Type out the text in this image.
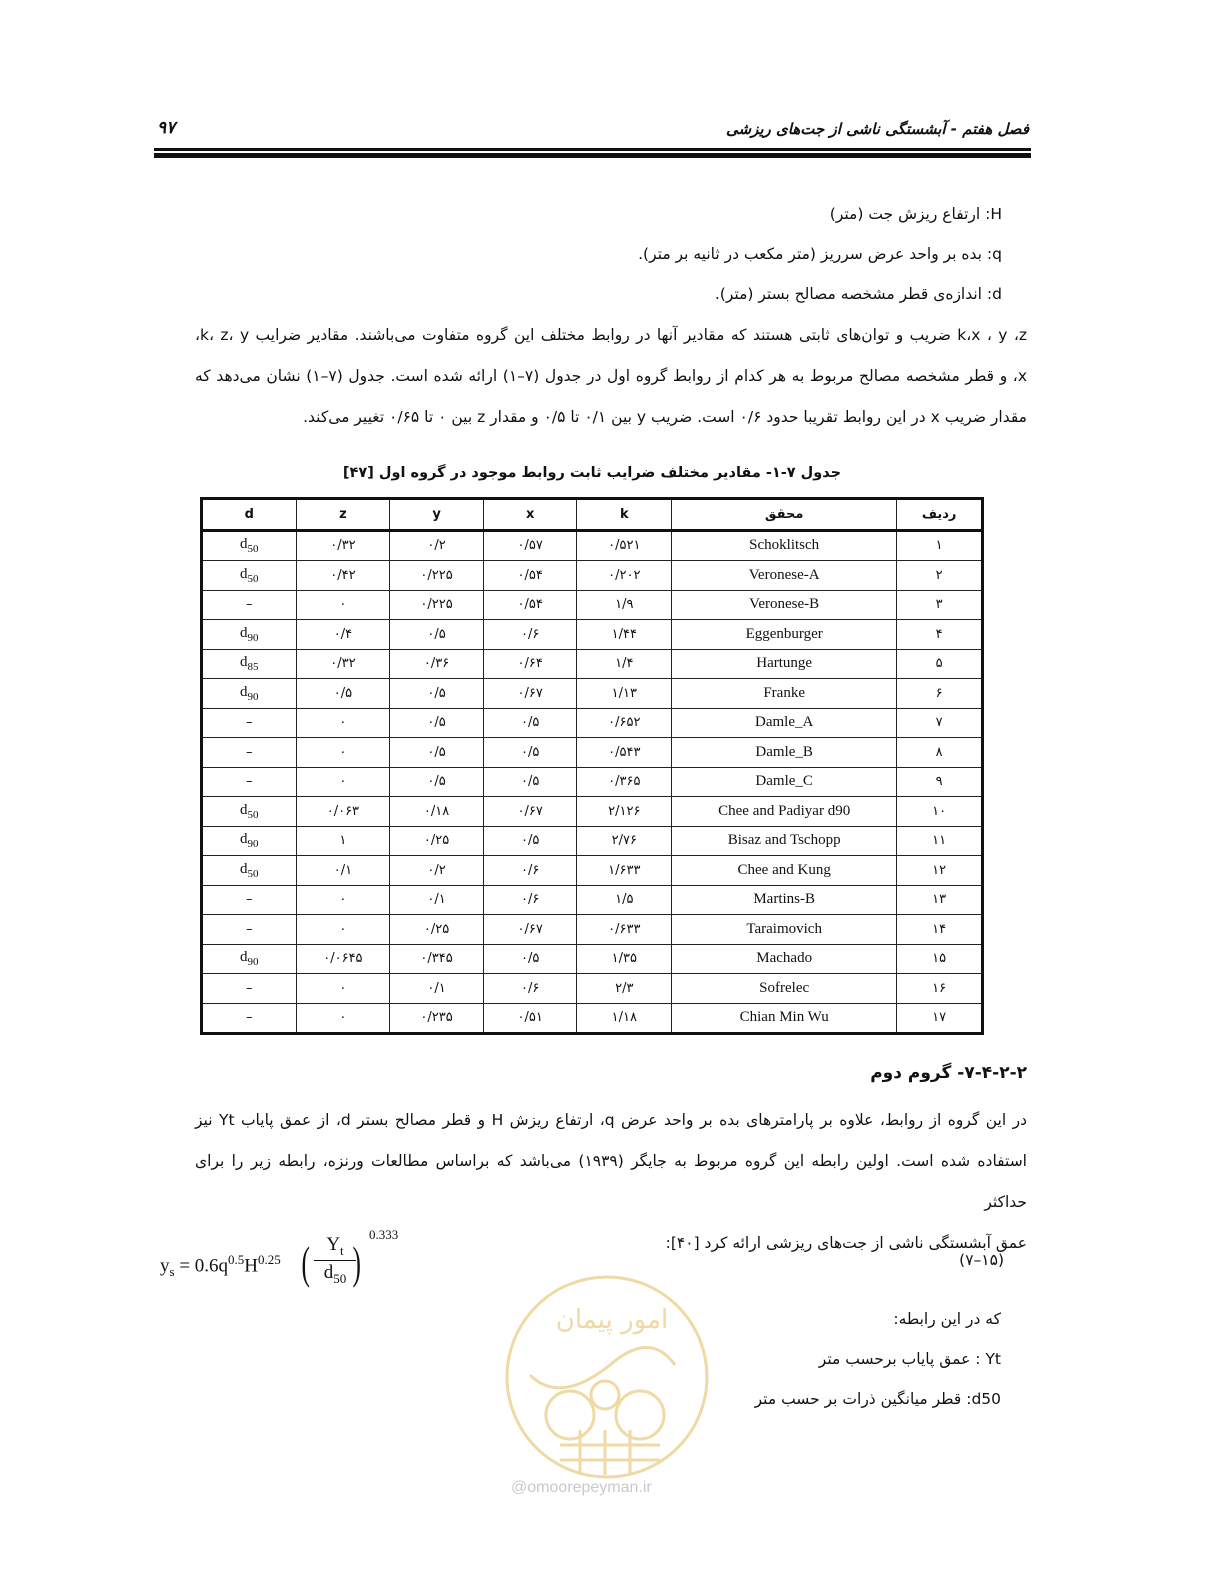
فصل هفتم - آبشستگی ناشی از جت‌های ریزشی
۹۷
H: ارتفاع ریزش جت (متر)
q: بده بر واحد عرض سرریز (متر مکعب در ثانیه بر متر).
d: اندازه‌ی قطر مشخصه مصالح بستر (متر).
k،x ، y ،z ضریب و توان‌های ثابتی هستند که مقادیر آنها در روابط مختلف این گروه متفاوت می‌باشند. مقادیر ضرایب k، z، y،
x، و قطر مشخصه مصالح مربوط به هر کدام از روابط گروه اول در جدول (۷–۱) ارائه شده است. جدول (۷–۱) نشان می‌دهد که
مقدار ضریب x در این روابط تقریبا حدود ۰/۶ است. ضریب y بین ۰/۱ تا ۰/۵ و مقدار z بین ۰ تا ۰/۶۵ تغییر می‌کند.
جدول ۷-۱- مقادیر مختلف ضرایب ثابت روابط موجود در گروه اول [۴۷]
d	z	y	x	k	محقق	ردیف
$d_{50}$	۰/۳۲	۰/۲	۰/۵۷	۰/۵۲۱	Schoklitsch	۱
$d_{50}$	۰/۴۲	۰/۲۲۵	۰/۵۴	۰/۲۰۲	Veronese-A	۲
–	۰	۰/۲۲۵	۰/۵۴	۱/۹	Veronese-B	۳
$d_{90}$	۰/۴	۰/۵	۰/۶	۱/۴۴	Eggenburger	۴
$d_{85}$	۰/۳۲	۰/۳۶	۰/۶۴	۱/۴	Hartunge	۵
$d_{90}$	۰/۵	۰/۵	۰/۶۷	۱/۱۳	Franke	۶
–	۰	۰/۵	۰/۵	۰/۶۵۲	Damle_A	۷
–	۰	۰/۵	۰/۵	۰/۵۴۳	Damle_B	۸
–	۰	۰/۵	۰/۵	۰/۳۶۵	Damle_C	۹
$d_{50}$	۰/۰۶۳	۰/۱۸	۰/۶۷	۲/۱۲۶	Chee and Padiyar d90	۱۰
$d_{90}$	۱	۰/۲۵	۰/۵	۲/۷۶	Bisaz and Tschopp	۱۱
$d_{50}$	۰/۱	۰/۲	۰/۶	۱/۶۳۳	Chee and Kung	۱۲
–	۰	۰/۱	۰/۶	۱/۵	Martins-B	۱۳
–	۰	۰/۲۵	۰/۶۷	۰/۶۳۳	Taraimovich	۱۴
$d_{90}$	۰/۰۶۴۵	۰/۳۴۵	۰/۵	۱/۳۵	Machado	۱۵
–	۰	۰/۱	۰/۶	۲/۳	Sofrelec	۱۶
–	۰	۰/۲۳۵	۰/۵۱	۱/۱۸	Chian Min Wu	۱۷
۷-۴-۲-۲- گروم دوم
در این گروه از روابط، علاوه بر پارامترهای بده بر واحد عرض q، ارتفاع ریزش H و قطر مصالح بستر d، از عمق پایاب Yt نیز
استفاده شده است. اولین رابطه این گروه مربوط به جایگر (۱۹۳۹) می‌باشد که براساس مطالعات ورنزه، رابطه زیر را برای حداکثر
عمق آبشستگی ناشی از جت‌های ریزشی ارائه کرد [۴۰]:
$y_s = 0.6q^{0.5}H^{0.25}$ ( $Y_t$
$d_{50}$ )
0.333
(۷–۱۵)
امور پیمان
@omoorepeyman.ir
که در این رابطه:
Yt : عمق پایاب برحسب متر
d50: قطر میانگین ذرات بر حسب متر
